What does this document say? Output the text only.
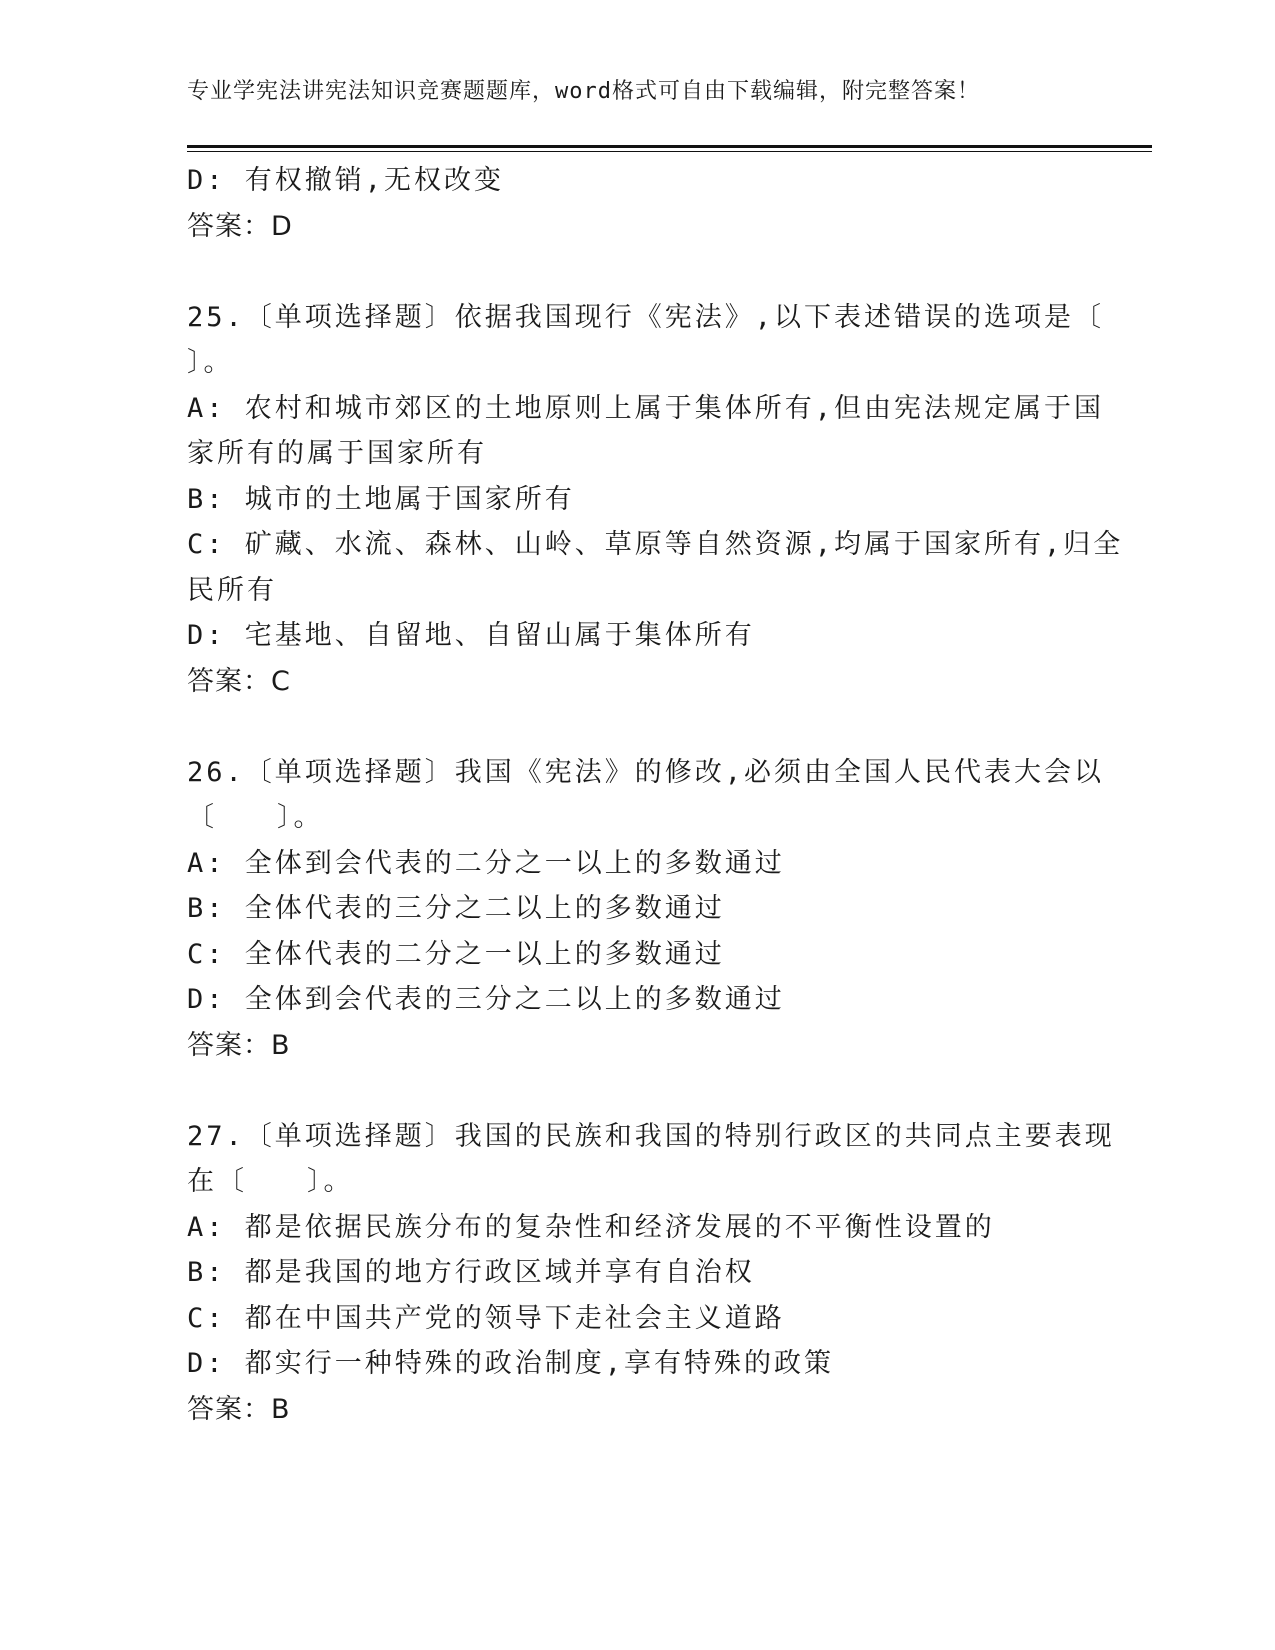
专业学宪法讲宪法知识竞赛题题库，word格式可自由下载编辑，附完整答案！
D: 有权撤销,无权改变
答案：D
25.〔单项选择题〕依据我国现行《宪法》,以下表述错误的选项是〔
〕。
A: 农村和城市郊区的土地原则上属于集体所有,但由宪法规定属于国
家所有的属于国家所有
B: 城市的土地属于国家所有
C: 矿藏、水流、森林、山岭、草原等自然资源,均属于国家所有,归全
民所有
D: 宅基地、自留地、自留山属于集体所有
答案：C
26.〔单项选择题〕我国《宪法》的修改,必须由全国人民代表大会以
〔　　〕。
A: 全体到会代表的二分之一以上的多数通过
B: 全体代表的三分之二以上的多数通过
C: 全体代表的二分之一以上的多数通过
D: 全体到会代表的三分之二以上的多数通过
答案：B
27.〔单项选择题〕我国的民族和我国的特别行政区的共同点主要表现
在〔　　〕。
A: 都是依据民族分布的复杂性和经济发展的不平衡性设置的
B: 都是我国的地方行政区域并享有自治权
C: 都在中国共产党的领导下走社会主义道路
D: 都实行一种特殊的政治制度,享有特殊的政策
答案：B
